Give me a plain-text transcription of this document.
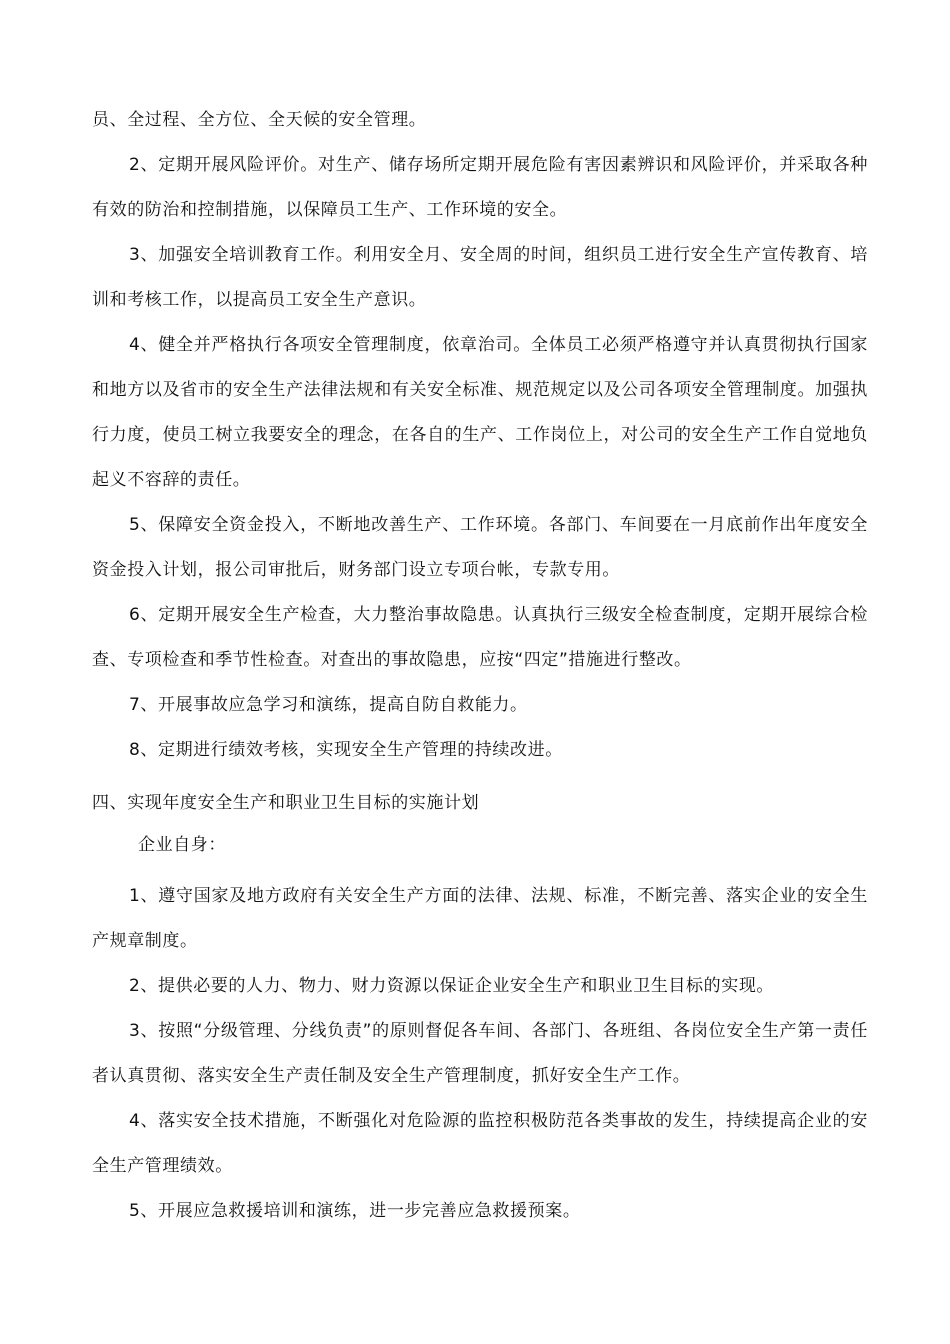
员、全过程、全方位、全天候的安全管理。

2、定期开展风险评价。对生产、储存场所定期开展危险有害因素辨识和风险评价，并采取各种有效的防治和控制措施，以保障员工生产、工作环境的安全。

3、加强安全培训教育工作。利用安全月、安全周的时间，组织员工进行安全生产宣传教育、培训和考核工作，以提高员工安全生产意识。

4、健全并严格执行各项安全管理制度，依章治司。全体员工必须严格遵守并认真贯彻执行国家和地方以及省市的安全生产法律法规和有关安全标准、规范规定以及公司各项安全管理制度。加强执行力度，使员工树立我要安全的理念，在各自的生产、工作岗位上，对公司的安全生产工作自觉地负起义不容辞的责任。

5、保障安全资金投入，不断地改善生产、工作环境。各部门、车间要在一月底前作出年度安全资金投入计划，报公司审批后，财务部门设立专项台帐，专款专用。

6、定期开展安全生产检查，大力整治事故隐患。认真执行三级安全检查制度，定期开展综合检查、专项检查和季节性检查。对查出的事故隐患，应按“四定”措施进行整改。

7、开展事故应急学习和演练，提高自防自救能力。

8、定期进行绩效考核，实现安全生产管理的持续改进。

四、实现年度安全生产和职业卫生目标的实施计划

企业自身：

1、遵守国家及地方政府有关安全生产方面的法律、法规、标准，不断完善、落实企业的安全生产规章制度。

2、提供必要的人力、物力、财力资源以保证企业安全生产和职业卫生目标的实现。

3、按照“分级管理、分线负责”的原则督促各车间、各部门、各班组、各岗位安全生产第一责任者认真贯彻、落实安全生产责任制及安全生产管理制度，抓好安全生产工作。

4、落实安全技术措施，不断强化对危险源的监控积极防范各类事故的发生，持续提高企业的安全生产管理绩效。

5、开展应急救援培训和演练，进一步完善应急救援预案。
